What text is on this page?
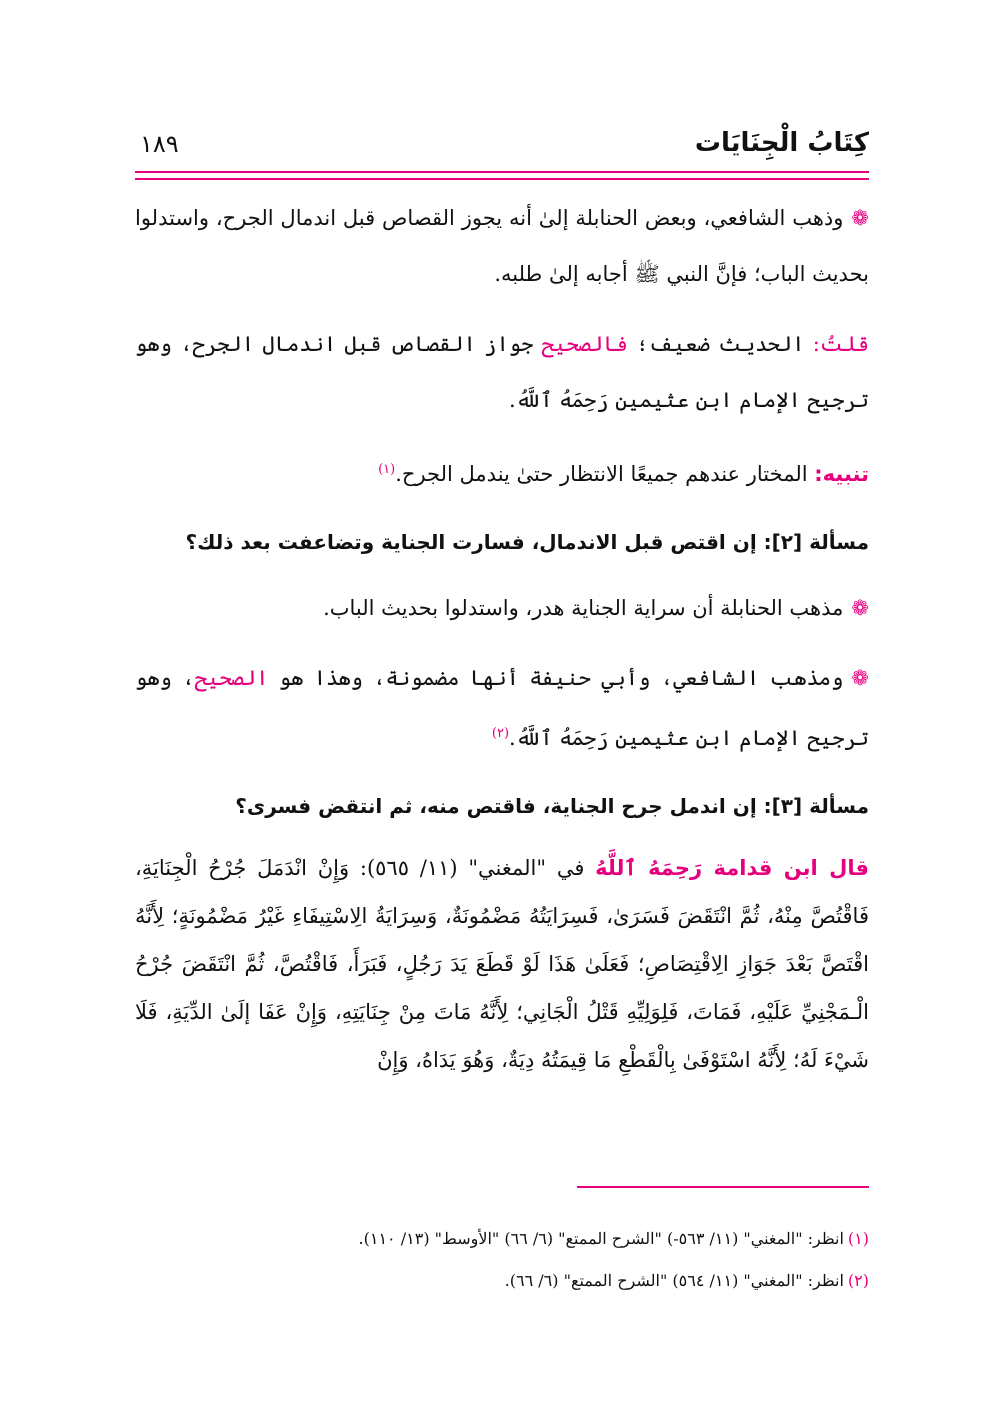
كِتَابُ الْجِنَايَات
١٨٩

❁وذهب الشافعي، وبعض الحنابلة إلىٰ أنه يجوز القصاص قبل اندمال الجرح، واستدلوا بحديث الباب؛ فإنَّ النبي ﷺ أجابه إلىٰ طلبه.

قلتُ: الحديث ضعيف؛ فالصحيح جواز القصاص قبل اندمال الجرح، وهو ترجيح الإمام ابن عثيمين رَحِمَهُ ٱللَّهُ.

تنبيه: المختار عندهم جميعًا الانتظار حتىٰ يندمل الجرح.$^{(١)}$

مسألة [٢]: إن اقتص قبل الاندمال، فسارت الجناية وتضاعفت بعد ذلك؟

❁مذهب الحنابلة أن سراية الجناية هدر، واستدلوا بحديث الباب.

❁ومذهب الشافعي، وأبي حنيفة أنها مضمونة، وهذا هو الصحيح، وهو ترجيح الإمام ابن عثيمين رَحِمَهُ ٱللَّهُ.$^{(٢)}$

مسألة [٣]: إن اندمل جرح الجناية، فاقتص منه، ثم انتقض فسرى؟

قال ابن قدامة رَحِمَهُ ٱللَّهُ في "المغني" (١١/ ٥٦٥): وَإِنْ انْدَمَلَ جُرْحُ الْجِنَايَةِ، فَاقْتُصَّ مِنْهُ، ثُمَّ انْتَقَضَ فَسَرَىٰ، فَسِرَايَتُهُ مَضْمُونَةٌ، وَسِرَايَةُ الِاسْتِيفَاءِ غَيْرُ مَضْمُونَةٍ؛ لِأَنَّهُ اقْتَصَّ بَعْدَ جَوَازِ الِاقْتِصَاصِ؛ فَعَلَىٰ هَذَا لَوْ قَطَعَ يَدَ رَجُلٍ، فَبَرَأَ، فَاقْتُصَّ، ثُمَّ انْتَقَضَ جُرْحُ الْـمَجْنِيِّ عَلَيْهِ، فَمَاتَ، فَلِوَلِيِّهِ قَتْلُ الْجَانِي؛ لِأَنَّهُ مَاتَ مِنْ جِنَايَتِهِ، وَإِنْ عَفَا إلَىٰ الدِّيَةِ، فَلَا شَيْءَ لَهُ؛ لِأَنَّهُ اسْتَوْفَىٰ بِالْقَطْعِ مَا قِيمَتُهُ دِيَةٌ، وَهُوَ يَدَاهُ، وَإِنْ

(١)انظر: "المغني" (١١/ ٥٦٣-) "الشرح الممتع" (٦/ ٦٦) "الأوسط" (١٣/ ١١٠).

(٢)انظر: "المغني" (١١/ ٥٦٤) "الشرح الممتع" (٦/ ٦٦).
